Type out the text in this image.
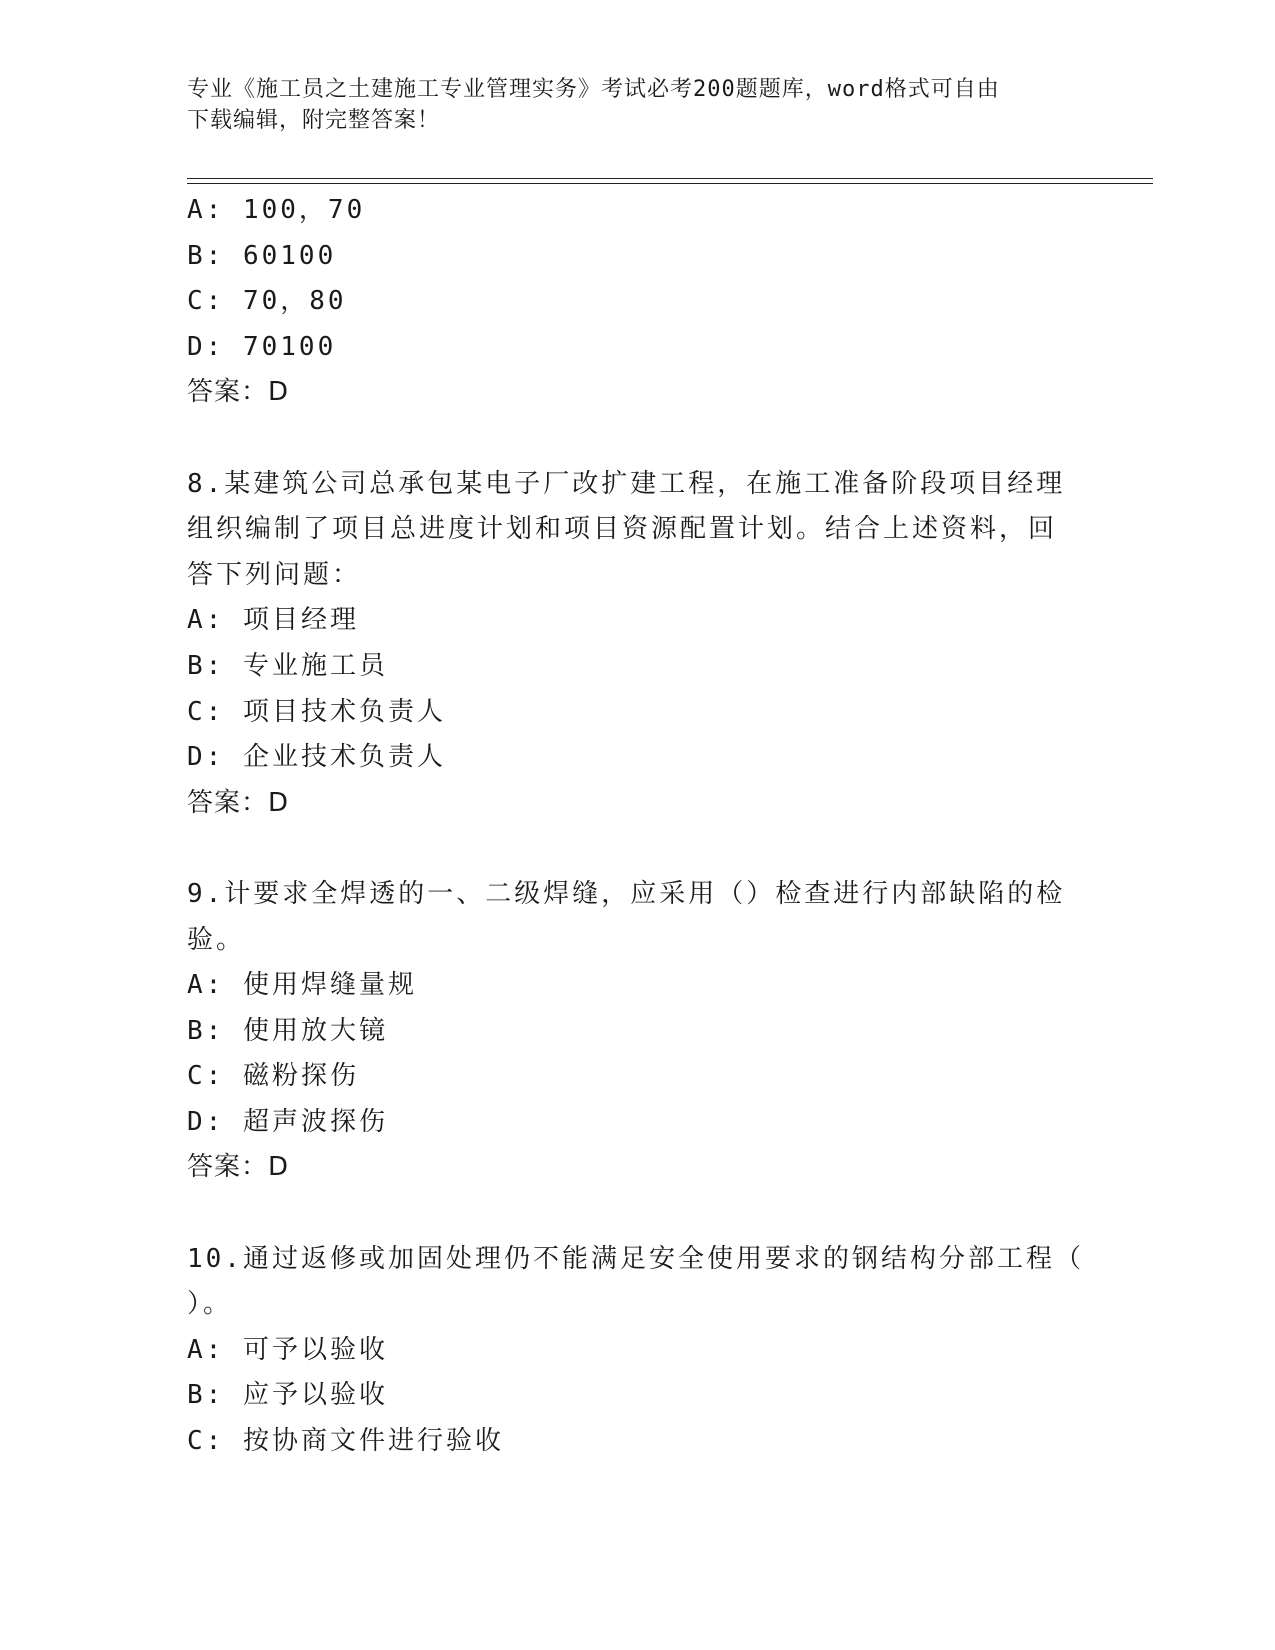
专业《施工员之土建施工专业管理实务》考试必考200题题库，word格式可自由
下载编辑，附完整答案！
A: 100，70
B: 60100
C: 70，80
D: 70100
答案：D
8.某建筑公司总承包某电子厂改扩建工程，在施工准备阶段项目经理
组织编制了项目总进度计划和项目资源配置计划。结合上述资料，回
答下列问题：
A: 项目经理
B: 专业施工员
C: 项目技术负责人
D: 企业技术负责人
答案：D
9.计要求全焊透的一、二级焊缝，应采用（）检查进行内部缺陷的检
验。
A: 使用焊缝量规
B: 使用放大镜
C: 磁粉探伤
D: 超声波探伤
答案：D
10.通过返修或加固处理仍不能满足安全使用要求的钢结构分部工程（
）。
A: 可予以验收
B: 应予以验收
C: 按协商文件进行验收
